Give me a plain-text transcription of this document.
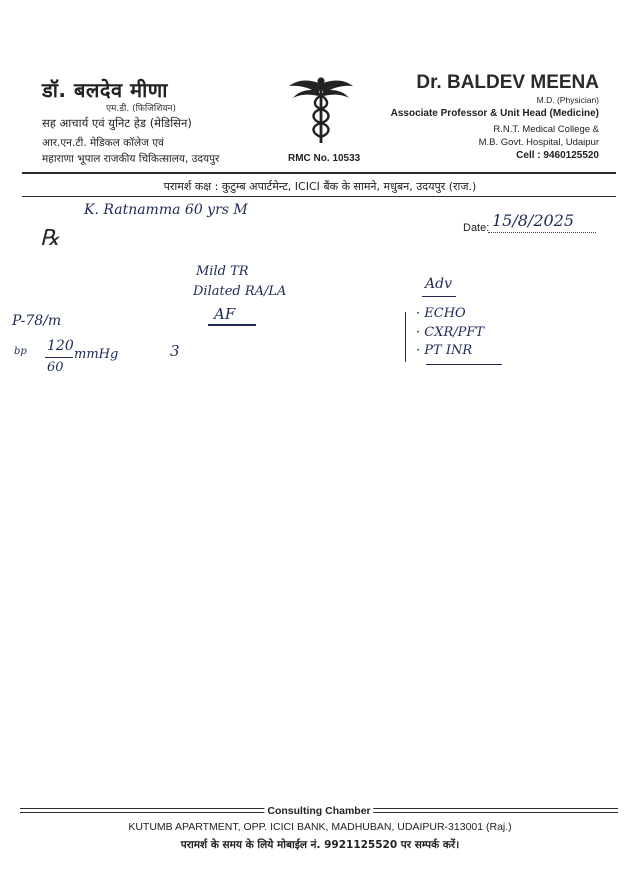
डॉ. बलदेव मीणा
एम.डी. (फिजिशियन)
सह आचार्य एवं युनिट हेड (मेडिसिन)
आर.एन.टी. मेडिकल कॉलेज एवं
महाराणा भूपाल राजकीय चिकित्सालय, उदयपुर	RMC No. 10533
Dr. BALDEV MEENA
M.D. (Physician)
Associate Professor & Unit Head (Medicine)
R.N.T. Medical College &
M.B. Govt. Hospital, Udaipur
Cell : 9460125520
परामर्श कक्ष : कुटुम्ब अपार्टमेन्ट, ICICI बैंक के सामने, मधुबन, उदयपुर (राज.)
K. Ratnamma 60 yrs M
Date: 15/8/2025
℞
Mild TR
Dilated RA/LA
AF
P-78/m
bp 120
60
mmHg	3
Adv
· ECHO
· CXR/PFT
· PT INR
Consulting Chamber
KUTUMB APARTMENT, OPP. ICICI BANK, MADHUBAN, UDAIPUR-313001 (Raj.)
परामर्श के समय के लिये मोबाईल नं. 9921125520 पर सम्पर्क करें।
